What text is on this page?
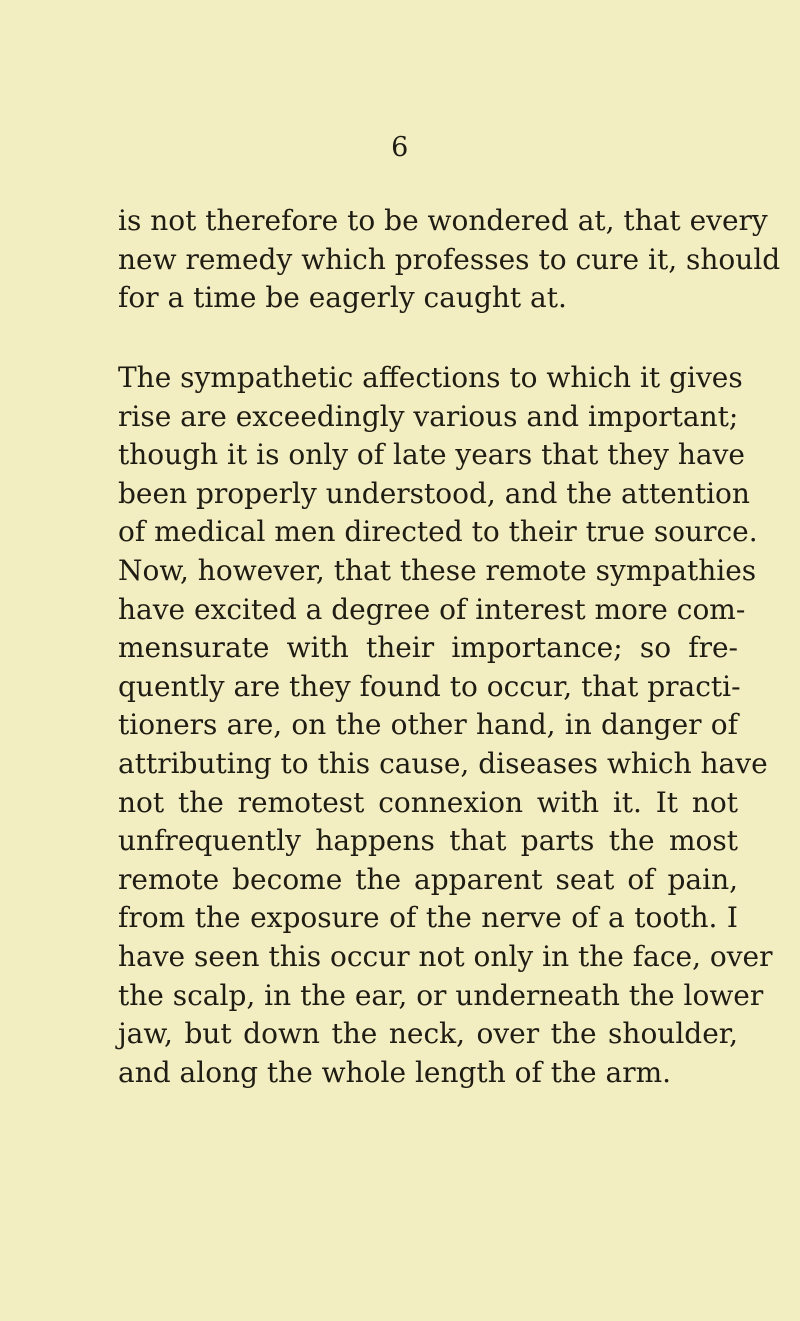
6

is not therefore to be wondered at, that every
new remedy which professes to cure it, should
for a time be eagerly caught at.

The sympathetic affections to which it gives
rise are exceedingly various and important;
though it is only of late years that they have
been properly understood, and the attention
of medical men directed to their true source.
Now, however, that these remote sympathies
have excited a degree of interest more com-
mensurate with their importance; so fre-
quently are they found to occur, that practi-
tioners are, on the other hand, in danger of
attributing to this cause, diseases which have
not the remotest connexion with it. It not
unfrequently happens that parts the most
remote become the apparent seat of pain,
from the exposure of the nerve of a tooth. I
have seen this occur not only in the face, over
the scalp, in the ear, or underneath the lower
jaw, but down the neck, over the shoulder,
and along the whole length of the arm.
